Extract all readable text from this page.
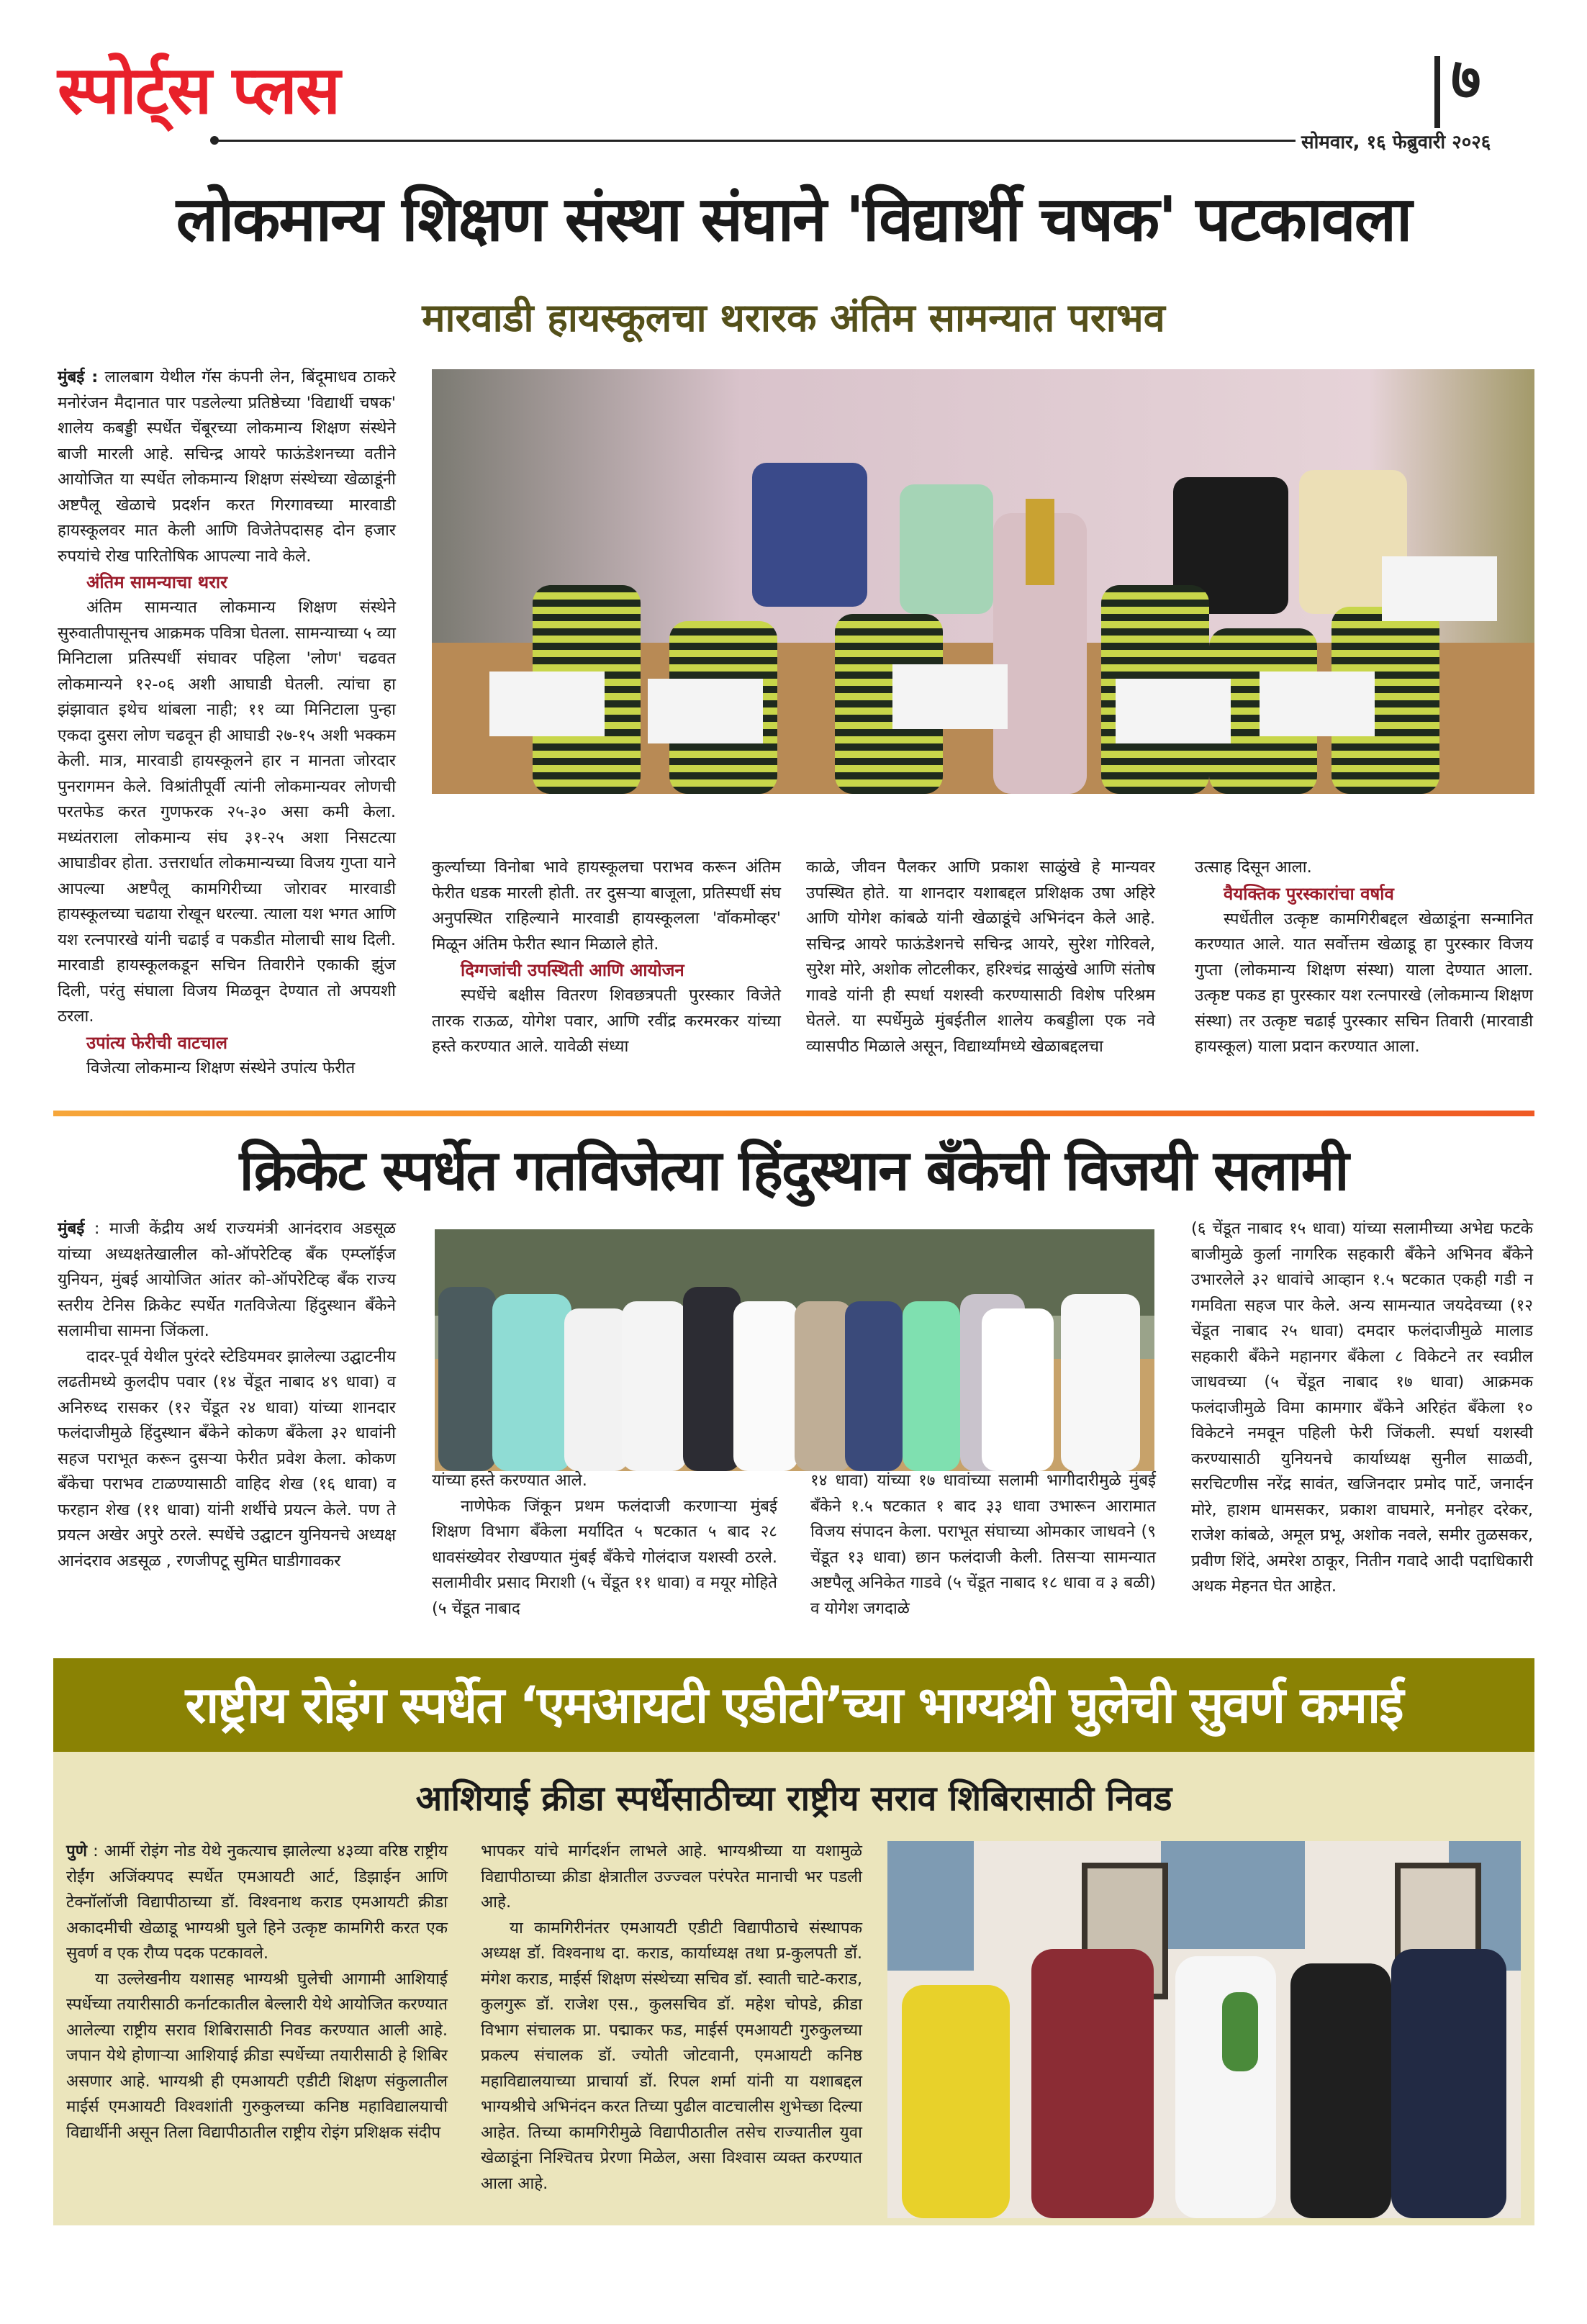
स्पोर्ट्स प्लस	७
सोमवार, १६ फेब्रुवारी २०२६
लोकमान्य शिक्षण संस्था संघाने 'विद्यार्थी चषक' पटकावला
मारवाडी हायस्कूलचा थरारक अंतिम सामन्यात पराभव

मुंबई : लालबाग येथील गॅस कंपनी लेन, बिंदूमाधव ठाकरे मनोरंजन मैदानात पार पडलेल्या प्रतिष्ठेच्या 'विद्यार्थी चषक' शालेय कबड्डी स्पर्धेत चेंबूरच्या लोकमान्य शिक्षण संस्थेने बाजी मारली आहे. सचिन्द्र आयरे फाऊंडेशनच्या वतीने आयोजित या स्पर्धेत लोकमान्य शिक्षण संस्थेच्या खेळाडूंनी अष्टपैलू खेळाचे प्रदर्शन करत गिरगावच्या मारवाडी हायस्कूलवर मात केली आणि विजेतेपदासह दोन हजार रुपयांचे रोख पारितोषिक आपल्या नावे केले.

अंतिम सामन्याचा थरार

अंतिम सामन्यात लोकमान्य शिक्षण संस्थेने सुरुवातीपासूनच आक्रमक पवित्रा घेतला. सामन्याच्या ५ व्या मिनिटाला प्रतिस्पर्धी संघावर पहिला 'लोण' चढवत लोकमान्यने १२-०६ अशी आघाडी घेतली. त्यांचा हा झंझावात इथेच थांबला नाही; ११ व्या मिनिटाला पुन्हा एकदा दुसरा लोण चढवून ही आघाडी २७-१५ अशी भक्कम केली. मात्र, मारवाडी हायस्कूलने हार न मानता जोरदार पुनरागमन केले. विश्रांतीपूर्वी त्यांनी लोकमान्यवर लोणची परतफेड करत गुणफरक २५-३० असा कमी केला. मध्यंतराला लोकमान्य संघ ३१-२५ अशा निसटत्या आघाडीवर होता. उत्तरार्धात लोकमान्यच्या विजय गुप्ता याने आपल्या अष्टपैलू कामगिरीच्या जोरावर मारवाडी हायस्कूलच्या चढाया रोखून धरल्या. त्याला यश भगत आणि यश रत्नपारखे यांनी चढाई व पकडीत मोलाची साथ दिली. मारवाडी हायस्कूलकडून सचिन तिवारीने एकाकी झुंज दिली, परंतु संघाला विजय मिळवून देण्यात तो अपयशी ठरला.

उपांत्य फेरीची वाटचाल

विजेत्या लोकमान्य शिक्षण संस्थेने उपांत्य फेरीत

कुर्ल्याच्या विनोबा भावे हायस्कूलचा पराभव करून अंतिम फेरीत धडक मारली होती. तर दुसऱ्या बाजूला, प्रतिस्पर्धी संघ अनुपस्थित राहिल्याने मारवाडी हायस्कूलला 'वॉकमोव्हर' मिळून अंतिम फेरीत स्थान मिळाले होते.

दिग्गजांची उपस्थिती आणि आयोजन

स्पर्धेचे बक्षीस वितरण शिवछत्रपती पुरस्कार विजेते तारक राऊळ, योगेश पवार, आणि रवींद्र करमरकर यांच्या हस्ते करण्यात आले. यावेळी संध्या

काळे, जीवन पैलकर आणि प्रकाश साळुंखे हे मान्यवर उपस्थित होते. या शानदार यशाबद्दल प्रशिक्षक उषा अहिरे आणि योगेश कांबळे यांनी खेळाडूंचे अभिनंदन केले आहे. सचिन्द्र आयरे फाऊंडेशनचे सचिन्द्र आयरे, सुरेश गोरिवले, सुरेश मोरे, अशोक लोटलीकर, हरिश्चंद्र साळुंखे आणि संतोष गावडे यांनी ही स्पर्धा यशस्वी करण्यासाठी विशेष परिश्रम घेतले. या स्पर्धेमुळे मुंबईतील शालेय कबड्डीला एक नवे व्यासपीठ मिळाले असून, विद्यार्थ्यांमध्ये खेळाबद्दलचा

उत्साह दिसून आला.

वैयक्तिक पुरस्कारांचा वर्षाव

स्पर्धेतील उत्कृष्ट कामगिरीबद्दल खेळाडूंना सन्मानित करण्यात आले. यात सर्वोत्तम खेळाडू हा पुरस्कार विजय गुप्ता (लोकमान्य शिक्षण संस्था) याला देण्यात आला. उत्कृष्ट पकड हा पुरस्कार यश रत्नपारखे (लोकमान्य शिक्षण संस्था) तर उत्कृष्ट चढाई पुरस्कार सचिन तिवारी (मारवाडी हायस्कूल) याला प्रदान करण्यात आला.

क्रिकेट स्पर्धेत गतविजेत्या हिंदुस्थान बँकेची विजयी सलामी

मुंबई : माजी केंद्रीय अर्थ राज्यमंत्री आनंदराव अडसूळ यांच्या अध्यक्षतेखालील को-ऑपरेटिव्ह बँक एम्प्लॉईज युनियन, मुंबई आयोजित आंतर को-ऑपरेटिव्ह बँक राज्य स्तरीय टेनिस क्रिकेट स्पर्धेत गतविजेत्या हिंदुस्थान बँकेने सलामीचा सामना जिंकला.

दादर-पूर्व येथील पुरंदरे स्टेडियमवर झालेल्या उद्घाटनीय लढतीमध्ये कुलदीप पवार (१४ चेंडूत नाबाद ४९ धावा) व अनिरुध्द रासकर (१२ चेंडूत २४ धावा) यांच्या शानदार फलंदाजीमुळे हिंदुस्थान बँकेने कोकण बँकेला ३२ धावांनी सहज पराभूत करून दुसऱ्या फेरीत प्रवेश केला. कोकण बँकेचा पराभव टाळण्यासाठी वाहिद शेख (१६ धावा) व फरहान शेख (११ धावा) यांनी शर्थीचे प्रयत्न केले. पण ते प्रयत्न अखेर अपुरे ठरले. स्पर्धेचे उद्घाटन युनियनचे अध्यक्ष आनंदराव अडसूळ , रणजीपटू सुमित घाडीगावकर

यांच्या हस्ते करण्यात आले.

नाणेफेक जिंकून प्रथम फलंदाजी करणाऱ्या मुंबई शिक्षण विभाग बँकेला मर्यादित ५ षटकात ५ बाद २८ धावसंख्येवर रोखण्यात मुंबई बँकेचे गोलंदाज यशस्वी ठरले. सलामीवीर प्रसाद मिराशी (५ चेंडूत ११ धावा) व मयूर मोहिते (५ चेंडूत नाबाद

१४ धावा) यांच्या १७ धावांच्या सलामी भागीदारीमुळे मुंबई बँकेने १.५ षटकात १ बाद ३३ धावा उभारून आरामात विजय संपादन केला. पराभूत संघाच्या ओमकार जाधवने (९ चेंडूत १३ धावा) छान फलंदाजी केली. तिसऱ्या सामन्यात अष्टपैलू अनिकेत गाडवे (५ चेंडूत नाबाद १८ धावा व ३ बळी) व योगेश जगदाळे

(६ चेंडूत नाबाद १५ धावा) यांच्या सलामीच्या अभेद्य फटके बाजीमुळे कुर्ला नागरिक सहकारी बँकेने अभिनव बँकेने उभारलेले ३२ धावांचे आव्हान १.५ षटकात एकही गडी न गमविता सहज पार केले. अन्य सामन्यात जयदेवच्या (१२ चेंडूत नाबाद २५ धावा) दमदार फलंदाजीमुळे मालाड सहकारी बँकेने महानगर बँकेला ८ विकेटने तर स्वप्नील जाधवच्या (५ चेंडूत नाबाद १७ धावा) आक्रमक फलंदाजीमुळे विमा कामगार बँकेने अरिहंत बँकेला १० विकेटने नमवून पहिली फेरी जिंकली. स्पर्धा यशस्वी करण्यासाठी युनियनचे कार्याध्यक्ष सुनील साळवी, सरचिटणीस नरेंद्र सावंत, खजिनदार प्रमोद पार्टे, जनार्दन मोरे, हाशम धामसकर, प्रकाश वाघमारे, मनोहर दरेकर, राजेश कांबळे, अमूल प्रभू, अशोक नवले, समीर तुळसकर, प्रवीण शिंदे, अमरेश ठाकूर, नितीन गवादे आदी पदाधिकारी अथक मेहनत घेत आहेत.

राष्ट्रीय रोइंग स्पर्धेत ‘एमआयटी एडीटी’च्या भाग्यश्री घुलेची सुवर्ण कमाई
आशियाई क्रीडा स्पर्धेसाठीच्या राष्ट्रीय सराव शिबिरासाठी निवड

पुणे : आर्मी रोइंग नोड येथे नुकत्याच झालेल्या ४३व्या वरिष्ठ राष्ट्रीय रोईंग अजिंक्यपद स्पर्धेत एमआयटी आर्ट, डिझाईन आणि टेक्नॉलॉजी विद्यापीठाच्या डॉ. विश्वनाथ कराड एमआयटी क्रीडा अकादमीची खेळाडू भाग्यश्री घुले हिने उत्कृष्ट कामगिरी करत एक सुवर्ण व एक रौप्य पदक पटकावले.

या उल्लेखनीय यशासह भाग्यश्री घुलेची आगामी आशियाई स्पर्धेच्या तयारीसाठी कर्नाटकातील बेल्लारी येथे आयोजित करण्यात आलेल्या राष्ट्रीय सराव शिबिरासाठी निवड करण्यात आली आहे. जपान येथे होणाऱ्या आशियाई क्रीडा स्पर्धेच्या तयारीसाठी हे शिबिर असणार आहे. भाग्यश्री ही एमआयटी एडीटी शिक्षण संकुलातील माईर्स एमआयटी विश्वशांती गुरुकुलच्या कनिष्ठ महाविद्यालयाची विद्यार्थीनी असून तिला विद्यापीठातील राष्ट्रीय रोइंग प्रशिक्षक संदीप

भापकर यांचे मार्गदर्शन लाभले आहे. भाग्यश्रीच्या या यशामुळे विद्यापीठाच्या क्रीडा क्षेत्रातील उज्ज्वल परंपरेत मानाची भर पडली आहे.

या कामगिरीनंतर एमआयटी एडीटी विद्यापीठाचे संस्थापक अध्यक्ष डॉ. विश्वनाथ दा. कराड, कार्याध्यक्ष तथा प्र-कुलपती डॉ. मंगेश कराड, माईर्स शिक्षण संस्थेच्या सचिव डॉ. स्वाती चाटे-कराड, कुलगुरू डॉ. राजेश एस., कुलसचिव डॉ. महेश चोपडे, क्रीडा विभाग संचालक प्रा. पद्माकर फड, माईर्स एमआयटी गुरुकुलच्या प्रकल्प संचालक डॉ. ज्योती जोटवानी, एमआयटी कनिष्ठ महाविद्यालयाच्या प्राचार्या डॉ. रिपल शर्मा यांनी या यशाबद्दल भाग्यश्रीचे अभिनंदन करत तिच्या पुढील वाटचालीस शुभेच्छा दिल्या आहेत. तिच्या कामगिरीमुळे विद्यापीठातील तसेच राज्यातील युवा खेळाडूंना निश्चितच प्रेरणा मिळेल, असा विश्वास व्यक्त करण्यात आला आहे.
